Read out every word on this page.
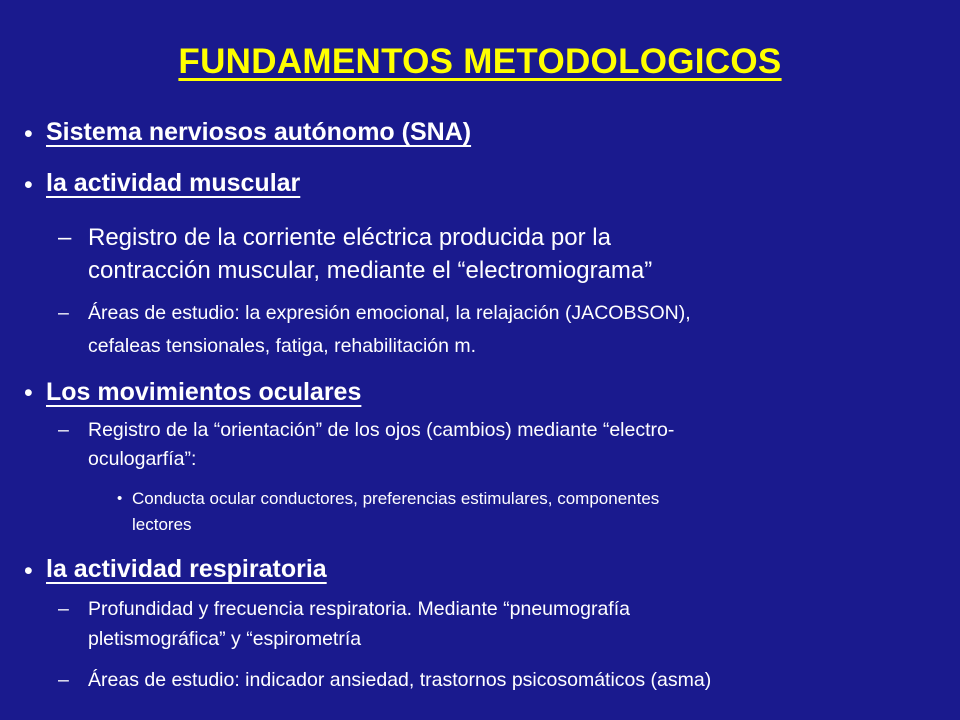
FUNDAMENTOS METODOLOGICOS
• Sistema nerviosos autónomo (SNA)
• la actividad muscular
– Registro de la corriente eléctrica producida por la
contracción muscular, mediante el “electromiograma”
– Áreas de estudio: la expresión emocional, la relajación (JACOBSON),
cefaleas tensionales, fatiga, rehabilitación m.
• Los movimientos oculares
– Registro de la “orientación” de los ojos (cambios) mediante “electro-
oculogarfía”:
• Conducta ocular conductores, preferencias estimulares, componentes
lectores
• la actividad respiratoria
– Profundidad y frecuencia respiratoria. Mediante “pneumografía
pletismográfica” y “espirometría
– Áreas de estudio: indicador ansiedad, trastornos psicosomáticos (asma)
